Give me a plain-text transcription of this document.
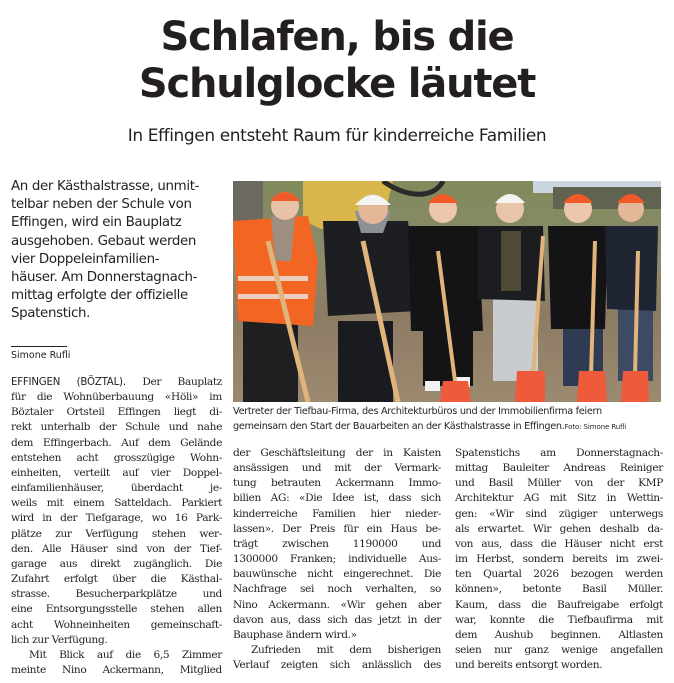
Schlafen, bis die
Schulglocke läutet
In Effingen entsteht Raum für kinderreiche Familien
An der Kästhalstrasse, unmit-
telbar neben der Schule von
Effingen, wird ein Bauplatz
ausgehoben. Gebaut werden
vier Doppeleinfamilien-
häuser. Am Donnerstagnach-
mittag erfolgte der offizielle
Spatenstich.
Simone Rufli
Vertreter der Tiefbau-Firma, des Architekturbüros und der Immobilienfirma feiern
gemeinsam den Start der Bauarbeiten an der Kästhalstrasse in Effingen.Foto: Simone Rufli
EFFINGEN (BÖZTAL). Der Bauplatz
für die Wohnüberbauung «Höli» im
Böztaler Ortsteil Effingen liegt di-
rekt unterhalb der Schule und nahe
dem Effingerbach. Auf dem Gelände
entstehen acht grosszügige Wohn-
einheiten, verteilt auf vier Doppel-
einfamilienhäuser, überdacht je-
weils mit einem Satteldach. Parkiert
wird in der Tiefgarage, wo 16 Park-
plätze zur Verfügung stehen wer-
den. Alle Häuser sind von der Tief-
garage aus direkt zugänglich. Die
Zufahrt erfolgt über die Kästhal-
strasse. Besucherparkplätze und
eine Entsorgungsstelle stehen allen
acht Wohneinheiten gemeinschaft-
lich zur Verfügung.
Mit Blick auf die 6,5 Zimmer
meinte Nino Ackermann, Mitglied
der Geschäftsleitung der in Kaisten
ansässigen und mit der Vermark-
tung betrauten Ackermann Immo-
bilien AG: «Die Idee ist, dass sich
kinderreiche Familien hier nieder-
lassen». Der Preis für ein Haus be-
trägt zwischen 1190000 und
1300000 Franken; individuelle Aus-
bauwünsche nicht eingerechnet. Die
Nachfrage sei noch verhalten, so
Nino Ackermann. «Wir gehen aber
davon aus, dass sich das jetzt in der
Bauphase ändern wird.»
Zufrieden mit dem bisherigen
Verlauf zeigten sich anlässlich des
Spatenstichs am Donnerstagnach-
mittag Bauleiter Andreas Reiniger
und Basil Müller von der KMP
Architektur AG mit Sitz in Wettin-
gen: «Wir sind zügiger unterwegs
als erwartet. Wir gehen deshalb da-
von aus, dass die Häuser nicht erst
im Herbst, sondern bereits im zwei-
ten Quartal 2026 bezogen werden
können», betonte Basil Müller.
Kaum, dass die Baufreigabe erfolgt
war, konnte die Tiefbaufirma mit
dem Aushub beginnen. Altlasten
seien nur ganz wenige angefallen
und bereits entsorgt worden.
